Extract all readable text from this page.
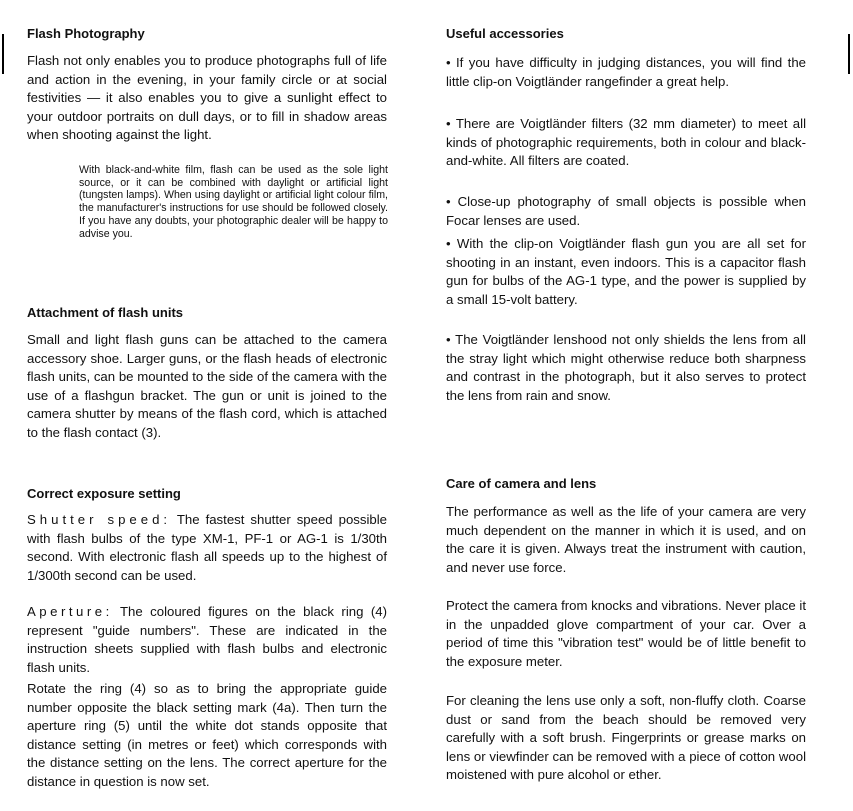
Flash Photography

Flash not only enables you to produce photographs full of life and action in the evening, in your family circle or at social festivities — it also enables you to give a sunlight effect to your outdoor portraits on dull days, or to fill in shadow areas when shooting against the light.

With black-and-white film, flash can be used as the sole light source, or it can be combined with daylight or artificial light (tungsten lamps). When using daylight or artificial light colour film, the manufacturer's instructions for use should be followed closely. If you have any doubts, your photographic dealer will be happy to advise you.

Attachment of flash units

Small and light flash guns can be attached to the camera accessory shoe. Larger guns, or the flash heads of electronic flash units, can be mounted to the side of the camera with the use of a flashgun bracket. The gun or unit is joined to the camera shutter by means of the flash cord, which is attached to the flash contact (3).

Correct exposure setting

Shutter speed: The fastest shutter speed possible with flash bulbs of the type XM-1, PF-1 or AG-1 is 1/30th second. With electronic flash all speeds up to the highest of 1/300th second can be used.

Aperture: The coloured figures on the black ring (4) represent "guide numbers". These are indicated in the instruction sheets supplied with flash bulbs and electronic flash units.

Rotate the ring (4) so as to bring the appropriate guide number opposite the black setting mark (4a). Then turn the aperture ring (5) until the white dot stands opposite that distance setting (in metres or feet) which corresponds with the distance setting on the lens. The correct aperture for the distance in question is now set.

Useful accessories

• If you have difficulty in judging distances, you will find the little clip-on Voigtländer rangefinder a great help.

• There are Voigtländer filters (32 mm diameter) to meet all kinds of photographic requirements, both in colour and black-and-white. All filters are coated.

• Close-up photography of small objects is possible when Focar lenses are used.

• With the clip-on Voigtländer flash gun you are all set for shooting in an instant, even indoors. This is a capacitor flash gun for bulbs of the AG-1 type, and the power is supplied by a small 15-volt battery.

• The Voigtländer lenshood not only shields the lens from all the stray light which might otherwise reduce both sharpness and contrast in the photograph, but it also serves to protect the lens from rain and snow.

Care of camera and lens

The performance as well as the life of your camera are very much dependent on the manner in which it is used, and on the care it is given. Always treat the instrument with caution, and never use force.

Protect the camera from knocks and vibrations. Never place it in the unpadded glove compartment of your car. Over a period of time this "vibration test" would be of little benefit to the exposure meter.

For cleaning the lens use only a soft, non-fluffy cloth. Coarse dust or sand from the beach should be removed very carefully with a soft brush. Fingerprints or grease marks on lens or viewfinder can be removed with a piece of cotton wool moistened with pure alcohol or ether.
